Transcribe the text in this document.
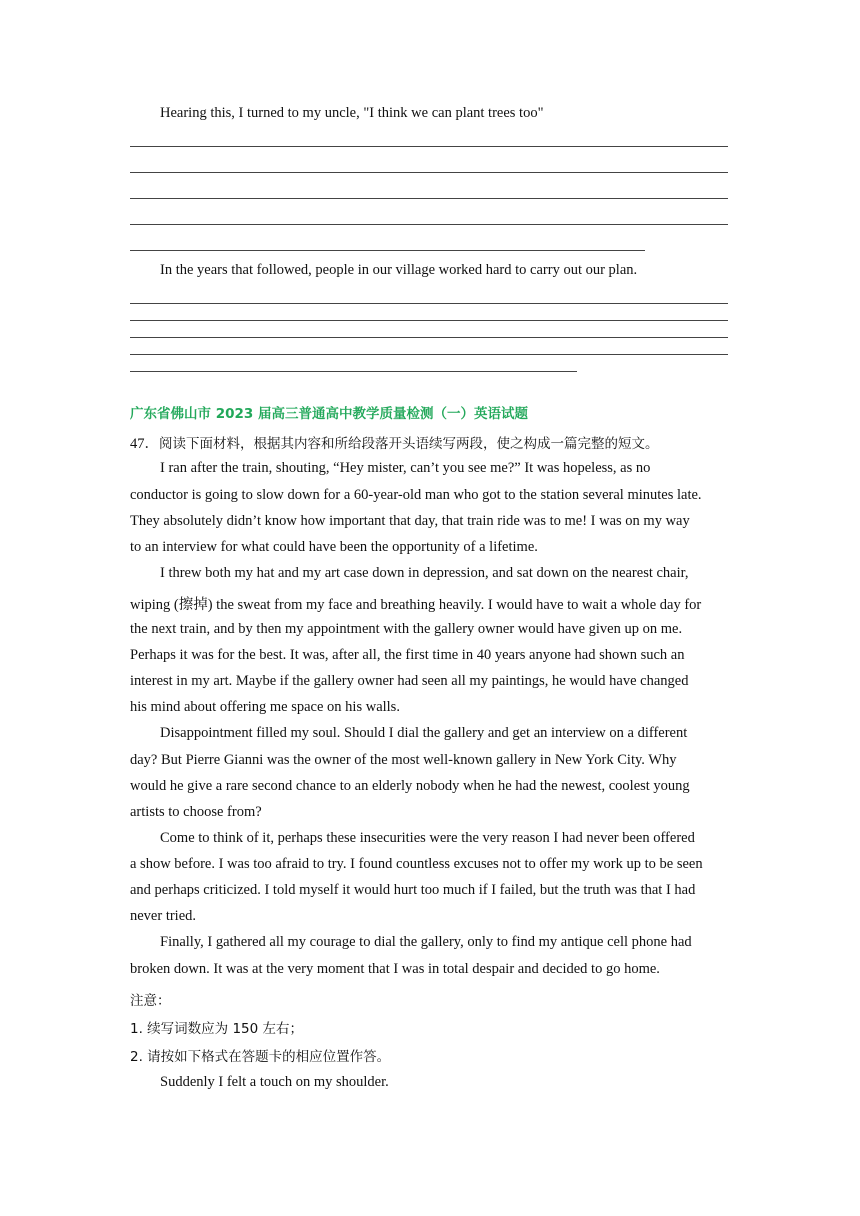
Hearing this, I turned to my uncle, "I think we can plant trees too"
In the years that followed, people in our village worked hard to carry out our plan.
广东省佛山市 2023 届高三普通高中教学质量检测（一）英语试题
47．阅读下面材料，根据其内容和所给段落开头语续写两段，使之构成一篇完整的短文。
I ran after the train, shouting, “Hey mister, can’t you see me?” It was hopeless, as no
conductor is going to slow down for a 60-year-old man who got to the station several minutes late.
They absolutely didn’t know how important that day, that train ride was to me! I was on my way
to an interview for what could have been the opportunity of a lifetime.
I threw both my hat and my art case down in depression, and sat down on the nearest chair,
wiping (擦掉) the sweat from my face and breathing heavily. I would have to wait a whole day for
the next train, and by then my appointment with the gallery owner would have given up on me.
Perhaps it was for the best. It was, after all, the first time in 40 years anyone had shown such an
interest in my art. Maybe if the gallery owner had seen all my paintings, he would have changed
his mind about offering me space on his walls.
Disappointment filled my soul. Should I dial the gallery and get an interview on a different
day? But Pierre Gianni was the owner of the most well-known gallery in New York City. Why
would he give a rare second chance to an elderly nobody when he had the newest, coolest young
artists to choose from?
Come to think of it, perhaps these insecurities were the very reason I had never been offered
a show before. I was too afraid to try. I found countless excuses not to offer my work up to be seen
and perhaps criticized. I told myself it would hurt too much if I failed, but the truth was that I had
never tried.
Finally, I gathered all my courage to dial the gallery, only to find my antique cell phone had
broken down. It was at the very moment that I was in total despair and decided to go home.
注意：
1. 续写词数应为 150 左右；
2. 请按如下格式在答题卡的相应位置作答。
Suddenly I felt a touch on my shoulder.
